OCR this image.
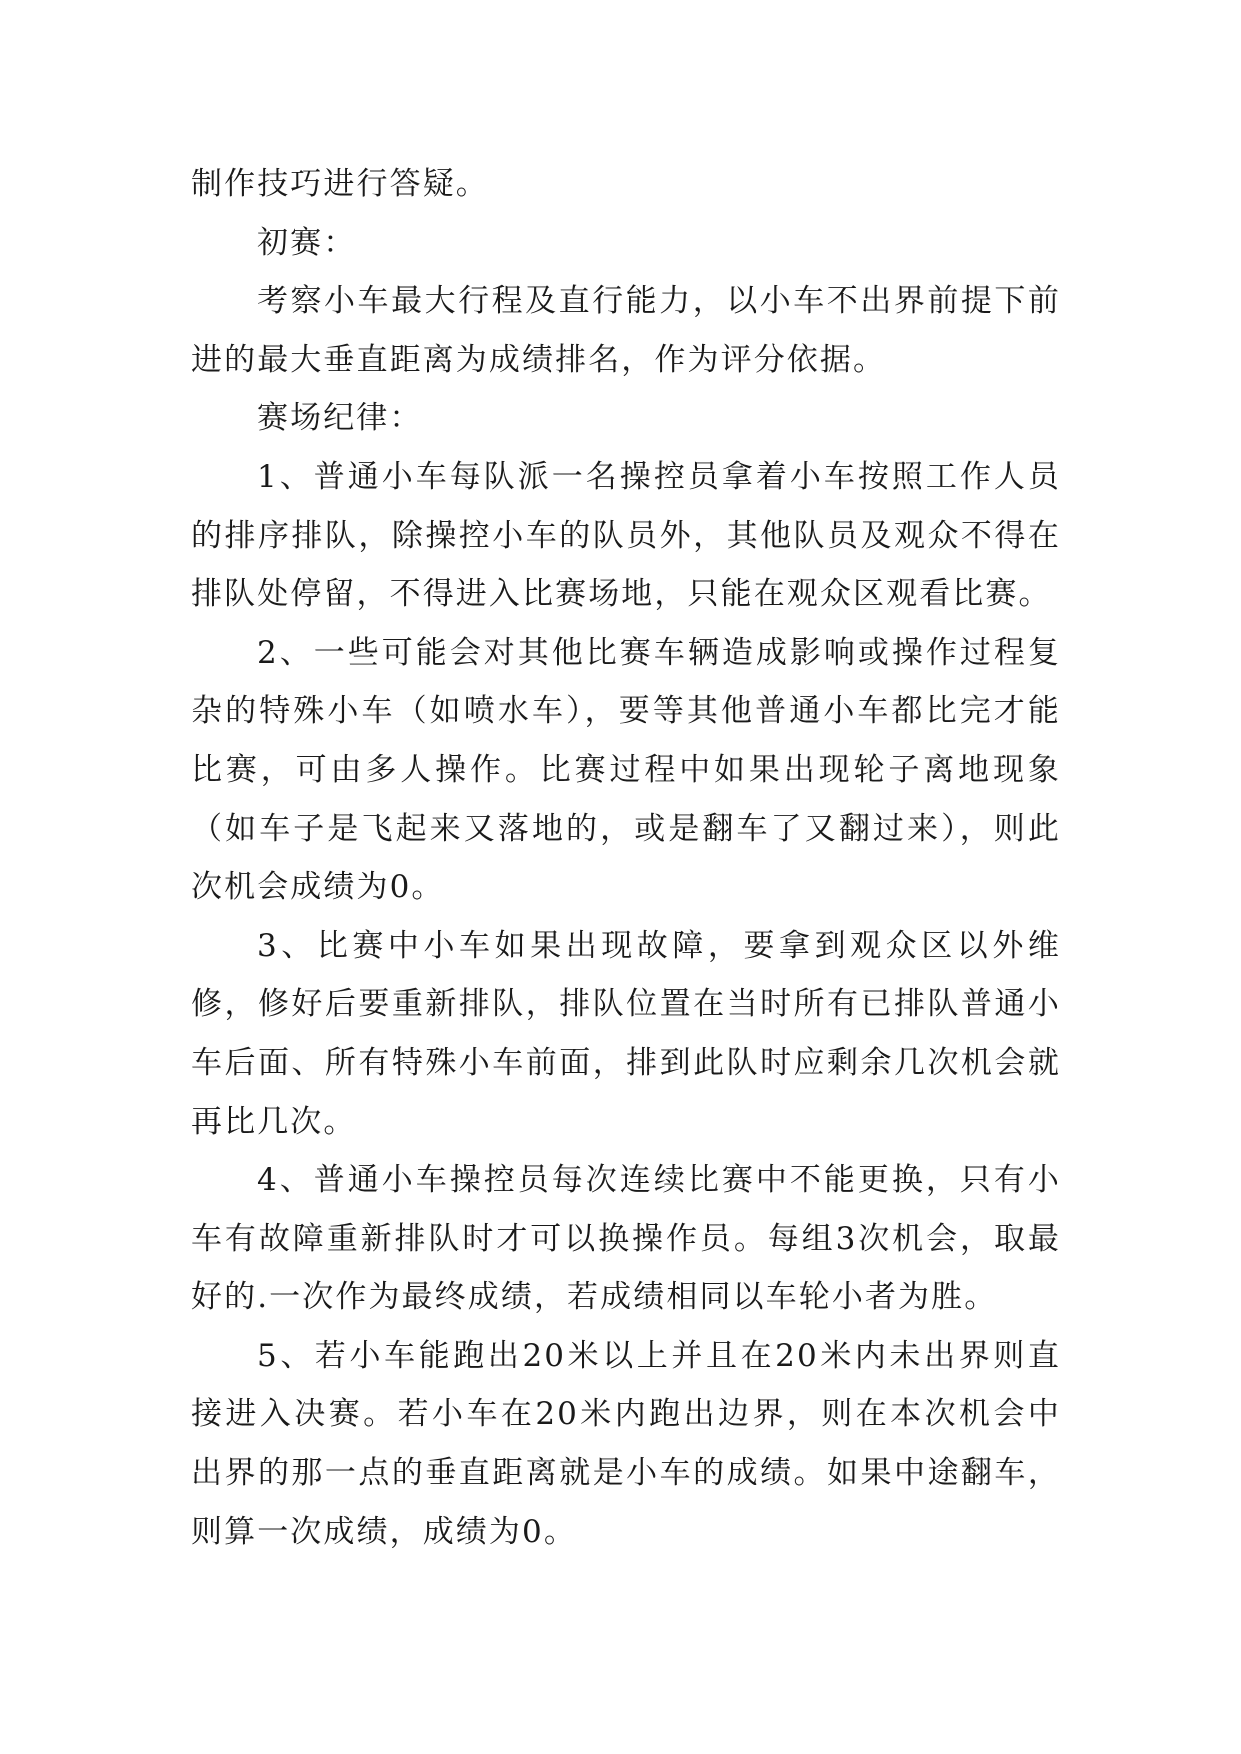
制作技巧进行答疑。

初赛：

考察小车最大行程及直行能力，以小车不出界前提下前进的最大垂直距离为成绩排名，作为评分依据。

赛场纪律：

1、普通小车每队派一名操控员拿着小车按照工作人员的排序排队，除操控小车的队员外，其他队员及观众不得在排队处停留，不得进入比赛场地，只能在观众区观看比赛。

2、一些可能会对其他比赛车辆造成影响或操作过程复杂的特殊小车（如喷水车），要等其他普通小车都比完才能比赛，可由多人操作。比赛过程中如果出现轮子离地现象（如车子是飞起来又落地的，或是翻车了又翻过来），则此次机会成绩为0。

3、比赛中小车如果出现故障，要拿到观众区以外维修，修好后要重新排队，排队位置在当时所有已排队普通小车后面、所有特殊小车前面，排到此队时应剩余几次机会就再比几次。

4、普通小车操控员每次连续比赛中不能更换，只有小车有故障重新排队时才可以换操作员。每组3次机会，取最好的.一次作为最终成绩，若成绩相同以车轮小者为胜。

5、若小车能跑出20米以上并且在20米内未出界则直接进入决赛。若小车在20米内跑出边界，则在本次机会中出界的那一点的垂直距离就是小车的成绩。如果中途翻车，则算一次成绩，成绩为0。
